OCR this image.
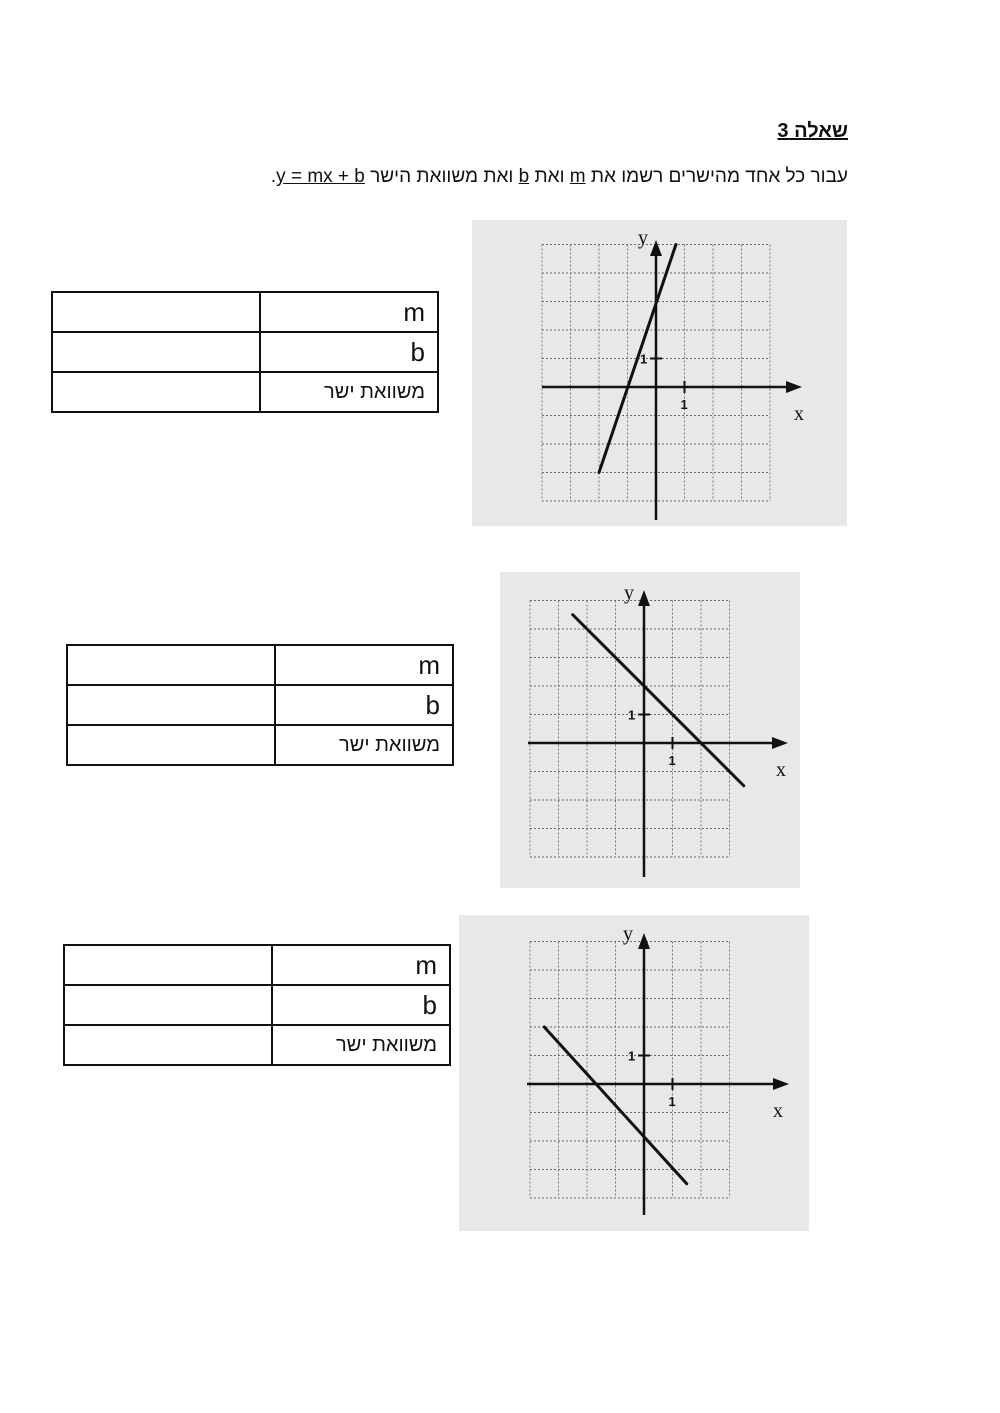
שאלה 3
עבור כל אחד מהישרים רשמו את m ואת b ואת משוואת הישר y = mx + b.
	m
	b
	משוואת ישר
1
1
x
y
	m
	b
	משוואת ישר
1
1
x
y
	m
	b
	משוואת ישר
1
1
x
y
